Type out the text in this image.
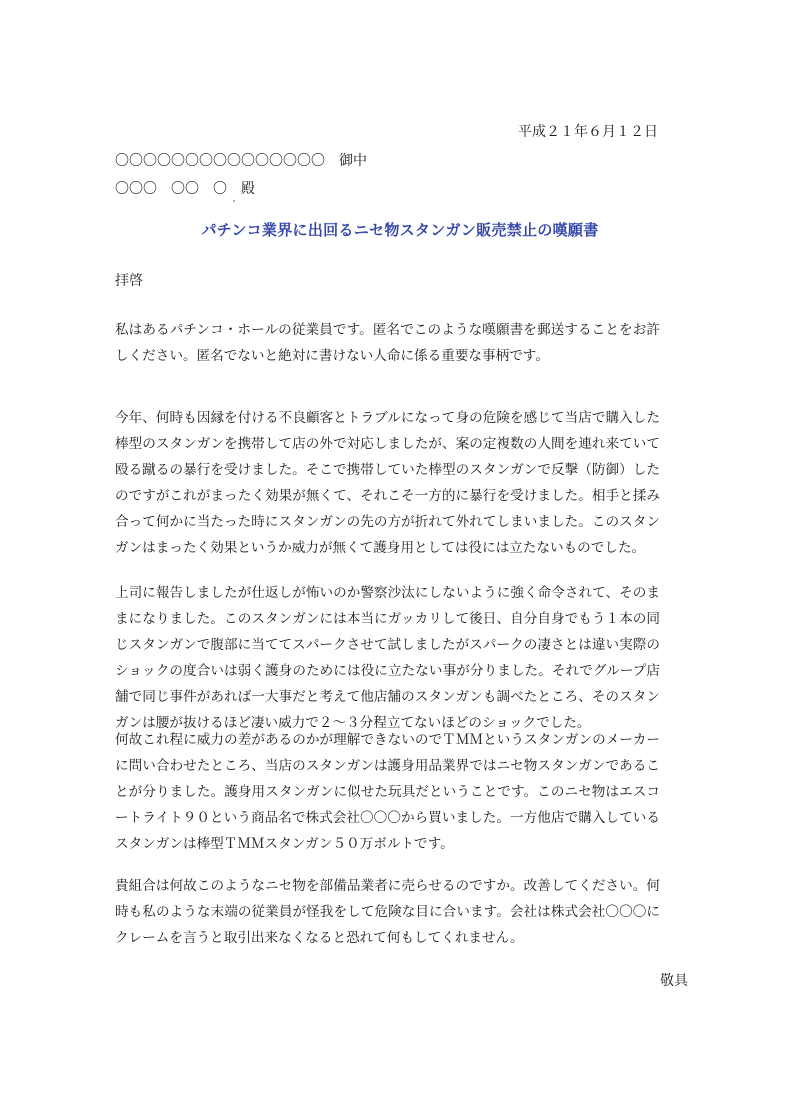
平成２１年６月１２日
〇〇〇〇〇〇〇〇〇〇〇〇〇〇〇　御中
〇〇〇　〇〇　〇　殿
パチンコ業界に出回るニセ物スタンガン販売禁止の嘆願書
拝啓

私はあるパチンコ・ホールの従業員です。匿名でこのような嘆願書を郵送することをお許しください。匿名でないと絶対に書けない人命に係る重要な事柄です。

今年、何時も因縁を付ける不良顧客とトラブルになって身の危険を感じて当店で購入した棒型のスタンガンを携帯して店の外で対応しましたが、案の定複数の人間を連れ来ていて殴る蹴るの暴行を受けました。そこで携帯していた棒型のスタンガンで反撃（防御）したのですがこれがまったく効果が無くて、それこそ一方的に暴行を受けました。相手と揉み合って何かに当たった時にスタンガンの先の方が折れて外れてしまいました。このスタンガンはまったく効果というか威力が無くて護身用としては役には立たないものでした。

上司に報告しましたが仕返しが怖いのか警察沙汰にしないように強く命令されて、そのままになりました。このスタンガンには本当にガッカリして後日、自分自身でもう１本の同じスタンガンで腹部に当ててスパークさせて試しましたがスパークの凄さとは違い実際のショックの度合いは弱く護身のためには役に立たない事が分りました。それでグループ店舗で同じ事件があれば一大事だと考えて他店舗のスタンガンも調べたところ、そのスタンガンは腰が抜けるほど凄い威力で２～３分程立てないほどのショックでした。

何故これ程に威力の差があるのかが理解できないのでＴＭＭというスタンガンのメーカーに問い合わせたところ、当店のスタンガンは護身用品業界ではニセ物スタンガンであることが分りました。護身用スタンガンに似せた玩具だということです。このニセ物はエスコートライト９０という商品名で株式会社〇〇〇から買いました。一方他店で購入しているスタンガンは棒型ＴＭＭスタンガン５０万ボルトです。

貴組合は何故このようなニセ物を部備品業者に売らせるのですか。改善してください。何時も私のような末端の従業員が怪我をして危険な目に合います。会社は株式会社〇〇〇にクレームを言うと取引出来なくなると恐れて何もしてくれません。

敬具
